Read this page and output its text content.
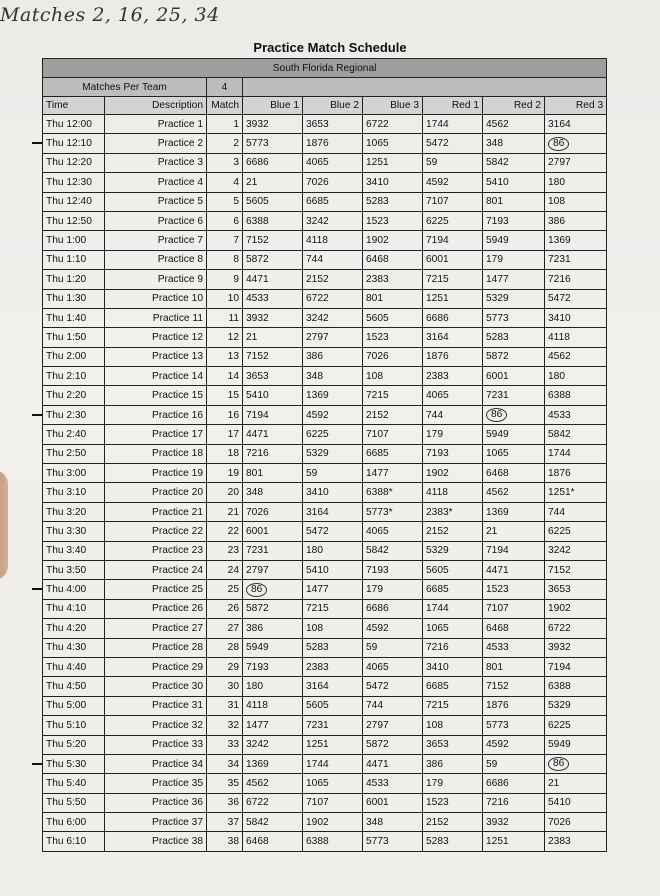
Matches 2, 16, 25, 34
Practice Match Schedule
South Florida Regional								
Matches Per Team		4						
Time	Description	Match	Blue 1	Blue 2	Blue 3	Red 1	Red 2	Red 3
Thu 12:00	Practice 1	1	3932	3653	6722	1744	4562	3164
Thu 12:10	Practice 2	2	5773	1876	1065	5472	348	86
Thu 12:20	Practice 3	3	6686	4065	1251	59	5842	2797
Thu 12:30	Practice 4	4	21	7026	3410	4592	5410	180
Thu 12:40	Practice 5	5	5605	6685	5283	7107	801	108
Thu 12:50	Practice 6	6	6388	3242	1523	6225	7193	386
Thu 1:00	Practice 7	7	7152	4118	1902	7194	5949	1369
Thu 1:10	Practice 8	8	5872	744	6468	6001	179	7231
Thu 1:20	Practice 9	9	4471	2152	2383	7215	1477	7216
Thu 1:30	Practice 10	10	4533	6722	801	1251	5329	5472
Thu 1:40	Practice 11	11	3932	3242	5605	6686	5773	3410
Thu 1:50	Practice 12	12	21	2797	1523	3164	5283	4118
Thu 2:00	Practice 13	13	7152	386	7026	1876	5872	4562
Thu 2:10	Practice 14	14	3653	348	108	2383	6001	180
Thu 2:20	Practice 15	15	5410	1369	7215	4065	7231	6388
Thu 2:30	Practice 16	16	7194	4592	2152	744	86	4533
Thu 2:40	Practice 17	17	4471	6225	7107	179	5949	5842
Thu 2:50	Practice 18	18	7216	5329	6685	7193	1065	1744
Thu 3:00	Practice 19	19	801	59	1477	1902	6468	1876
Thu 3:10	Practice 20	20	348	3410	6388*	4118	4562	1251*
Thu 3:20	Practice 21	21	7026	3164	5773*	2383*	1369	744
Thu 3:30	Practice 22	22	6001	5472	4065	2152	21	6225
Thu 3:40	Practice 23	23	7231	180	5842	5329	7194	3242
Thu 3:50	Practice 24	24	2797	5410	7193	5605	4471	7152
Thu 4:00	Practice 25	25	86	1477	179	6685	1523	3653
Thu 4:10	Practice 26	26	5872	7215	6686	1744	7107	1902
Thu 4:20	Practice 27	27	386	108	4592	1065	6468	6722
Thu 4:30	Practice 28	28	5949	5283	59	7216	4533	3932
Thu 4:40	Practice 29	29	7193	2383	4065	3410	801	7194
Thu 4:50	Practice 30	30	180	3164	5472	6685	7152	6388
Thu 5:00	Practice 31	31	4118	5605	744	7215	1876	5329
Thu 5:10	Practice 32	32	1477	7231	2797	108	5773	6225
Thu 5:20	Practice 33	33	3242	1251	5872	3653	4592	5949
Thu 5:30	Practice 34	34	1369	1744	4471	386	59	86
Thu 5:40	Practice 35	35	4562	1065	4533	179	6686	21
Thu 5:50	Practice 36	36	6722	7107	6001	1523	7216	5410
Thu 6:00	Practice 37	37	5842	1902	348	2152	3932	7026
Thu 6:10	Practice 38	38	6468	6388	5773	5283	1251	2383
